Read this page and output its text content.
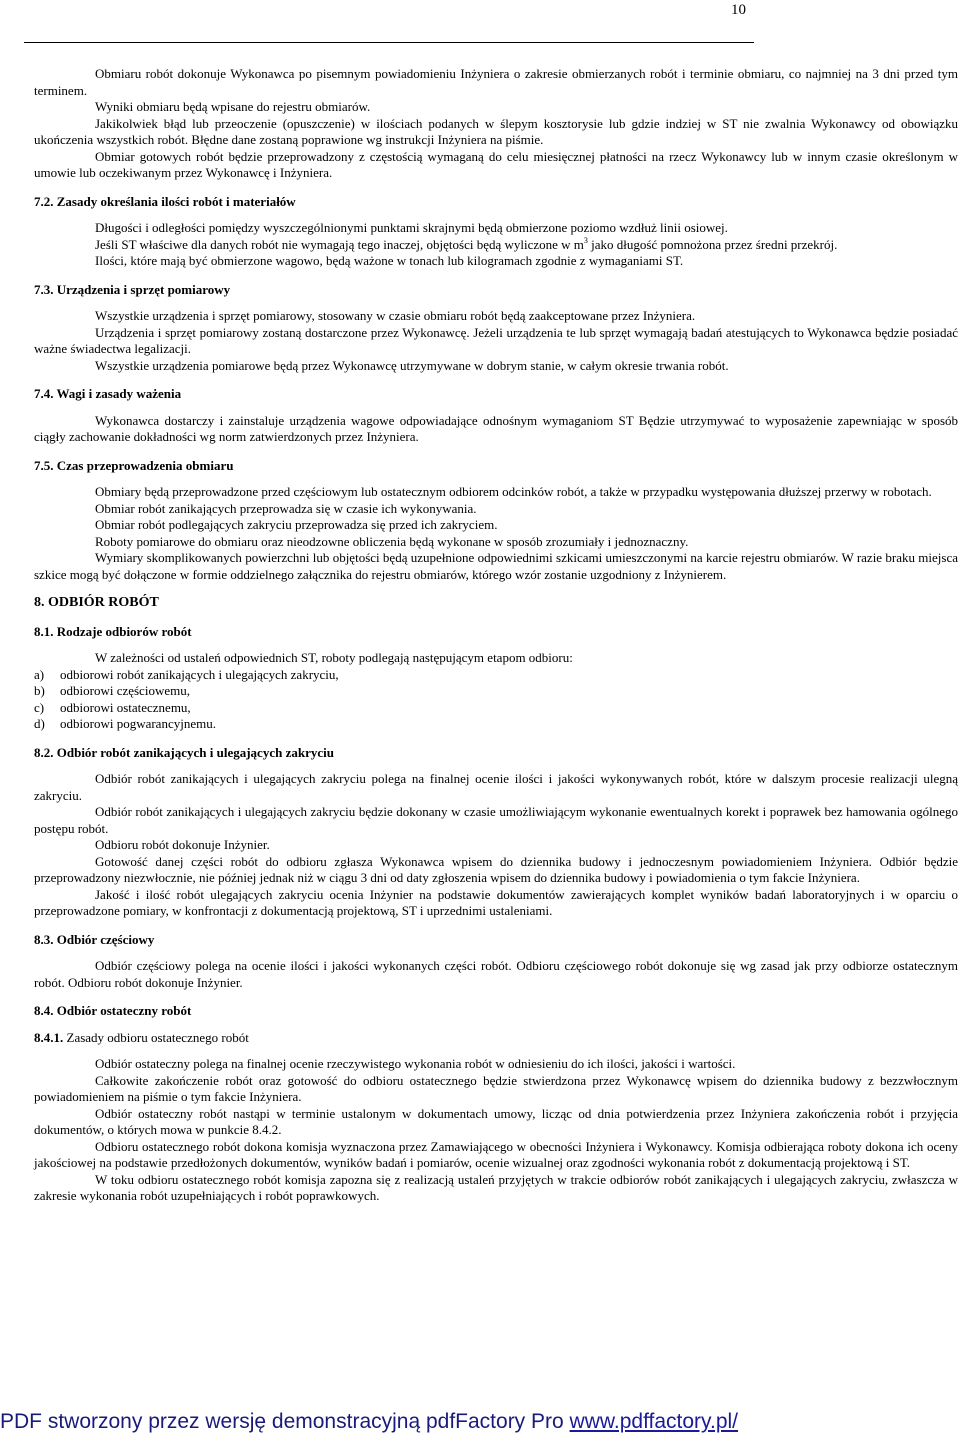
10

Obmiaru robót dokonuje Wykonawca po pisemnym powiadomieniu Inżyniera o zakresie obmierzanych robót i terminie obmiaru, co najmniej na 3 dni przed tym terminem.

Wyniki obmiaru będą wpisane do rejestru obmiarów.

Jakikolwiek błąd lub przeoczenie (opuszczenie) w ilościach podanych w ślepym kosztorysie lub gdzie indziej w ST nie zwalnia Wykonawcy od obowiązku ukończenia wszystkich robót. Błędne dane zostaną poprawione wg instrukcji Inżyniera na piśmie.

Obmiar gotowych robót będzie przeprowadzony z częstością wymaganą do celu miesięcznej płatności na rzecz Wykonawcy lub w innym czasie określonym w umowie lub oczekiwanym przez Wykonawcę i Inżyniera.

7.2. Zasady określania ilości robót i materiałów

Długości i odległości pomiędzy wyszczególnionymi punktami skrajnymi będą obmierzone poziomo wzdłuż linii osiowej.

Jeśli ST właściwe dla danych robót nie wymagają tego inaczej, objętości będą wyliczone w $m^3$ jako długość pomnożona przez średni przekrój.

Ilości, które mają być obmierzone wagowo, będą ważone w tonach lub kilogramach zgodnie z wymaganiami ST.

7.3. Urządzenia i sprzęt pomiarowy

Wszystkie urządzenia i sprzęt pomiarowy, stosowany w czasie obmiaru robót będą zaakceptowane przez Inżyniera.

Urządzenia i sprzęt pomiarowy zostaną dostarczone przez Wykonawcę. Jeżeli urządzenia te lub sprzęt wymagają badań atestujących to Wykonawca będzie posiadać ważne świadectwa legalizacji.

Wszystkie urządzenia pomiarowe będą przez Wykonawcę utrzymywane w dobrym stanie, w całym okresie trwania robót.

7.4. Wagi i zasady ważenia

Wykonawca dostarczy i zainstaluje urządzenia wagowe odpowiadające odnośnym wymaganiom ST Będzie utrzymywać to wyposażenie zapewniając w sposób ciągły zachowanie dokładności wg norm zatwierdzonych przez Inżyniera.

7.5. Czas przeprowadzenia obmiaru

Obmiary będą przeprowadzone przed częściowym lub ostatecznym odbiorem odcinków robót, a także w przypadku występowania dłuższej przerwy w robotach.

Obmiar robót zanikających przeprowadza się w czasie ich wykonywania.

Obmiar robót podlegających zakryciu przeprowadza się przed ich zakryciem.

Roboty pomiarowe do obmiaru oraz nieodzowne obliczenia będą wykonane w sposób zrozumiały i jednoznaczny.

Wymiary skomplikowanych powierzchni lub objętości będą uzupełnione odpowiednimi szkicami umieszczonymi na karcie rejestru obmiarów. W razie braku miejsca szkice mogą być dołączone w formie oddzielnego załącznika do rejestru obmiarów, którego wzór zostanie uzgodniony z Inżynierem.

8. ODBIÓR ROBÓT
8.1. Rodzaje odbiorów robót

W zależności od ustaleń odpowiednich ST, roboty podlegają następującym etapom odbioru:

a)	odbiorowi robót zanikających i ulegających zakryciu,
b)	odbiorowi częściowemu,
c)	odbiorowi ostatecznemu,
d)	odbiorowi pogwarancyjnemu.
8.2. Odbiór robót zanikających i ulegających zakryciu

Odbiór robót zanikających i ulegających zakryciu polega na finalnej ocenie ilości i jakości wykonywanych robót, które w dalszym procesie realizacji ulegną zakryciu.

Odbiór robót zanikających i ulegających zakryciu będzie dokonany w czasie umożliwiającym wykonanie ewentualnych korekt i poprawek bez hamowania ogólnego postępu robót.

Odbioru robót dokonuje Inżynier.

Gotowość danej części robót do odbioru zgłasza Wykonawca wpisem do dziennika budowy i jednoczesnym powiadomieniem Inżyniera. Odbiór będzie przeprowadzony niezwłocznie, nie później jednak niż w ciągu 3 dni od daty zgłoszenia wpisem do dziennika budowy i powiadomienia o tym fakcie Inżyniera.

Jakość i ilość robót ulegających zakryciu ocenia Inżynier na podstawie dokumentów zawierających komplet wyników badań laboratoryjnych i w oparciu o przeprowadzone pomiary, w konfrontacji z dokumentacją projektową, ST i uprzednimi ustaleniami.

8.3. Odbiór częściowy

Odbiór częściowy polega na ocenie ilości i jakości wykonanych części robót. Odbioru częściowego robót dokonuje się wg zasad jak przy odbiorze ostatecznym robót. Odbioru robót dokonuje Inżynier.

8.4. Odbiór ostateczny robót
8.4.1. Zasady odbioru ostatecznego robót

Odbiór ostateczny polega na finalnej ocenie rzeczywistego wykonania robót w odniesieniu do ich ilości, jakości i wartości.

Całkowite zakończenie robót oraz gotowość do odbioru ostatecznego będzie stwierdzona przez Wykonawcę wpisem do dziennika budowy z bezzwłocznym powiadomieniem na piśmie o tym fakcie Inżyniera.

Odbiór ostateczny robót nastąpi w terminie ustalonym w dokumentach umowy, licząc od dnia potwierdzenia przez Inżyniera zakończenia robót i przyjęcia dokumentów, o których mowa w punkcie 8.4.2.

Odbioru ostatecznego robót dokona komisja wyznaczona przez Zamawiającego w obecności Inżyniera i Wykonawcy. Komisja odbierająca roboty dokona ich oceny jakościowej na podstawie przedłożonych dokumentów, wyników badań i pomiarów, ocenie wizualnej oraz zgodności wykonania robót z dokumentacją projektową i ST.

W toku odbioru ostatecznego robót komisja zapozna się z realizacją ustaleń przyjętych w trakcie odbiorów robót zanikających i ulegających zakryciu, zwłaszcza w zakresie wykonania robót uzupełniających i robót poprawkowych.

PDF stworzony przez wersję demonstracyjną pdfFactory Pro www.pdffactory.pl/
